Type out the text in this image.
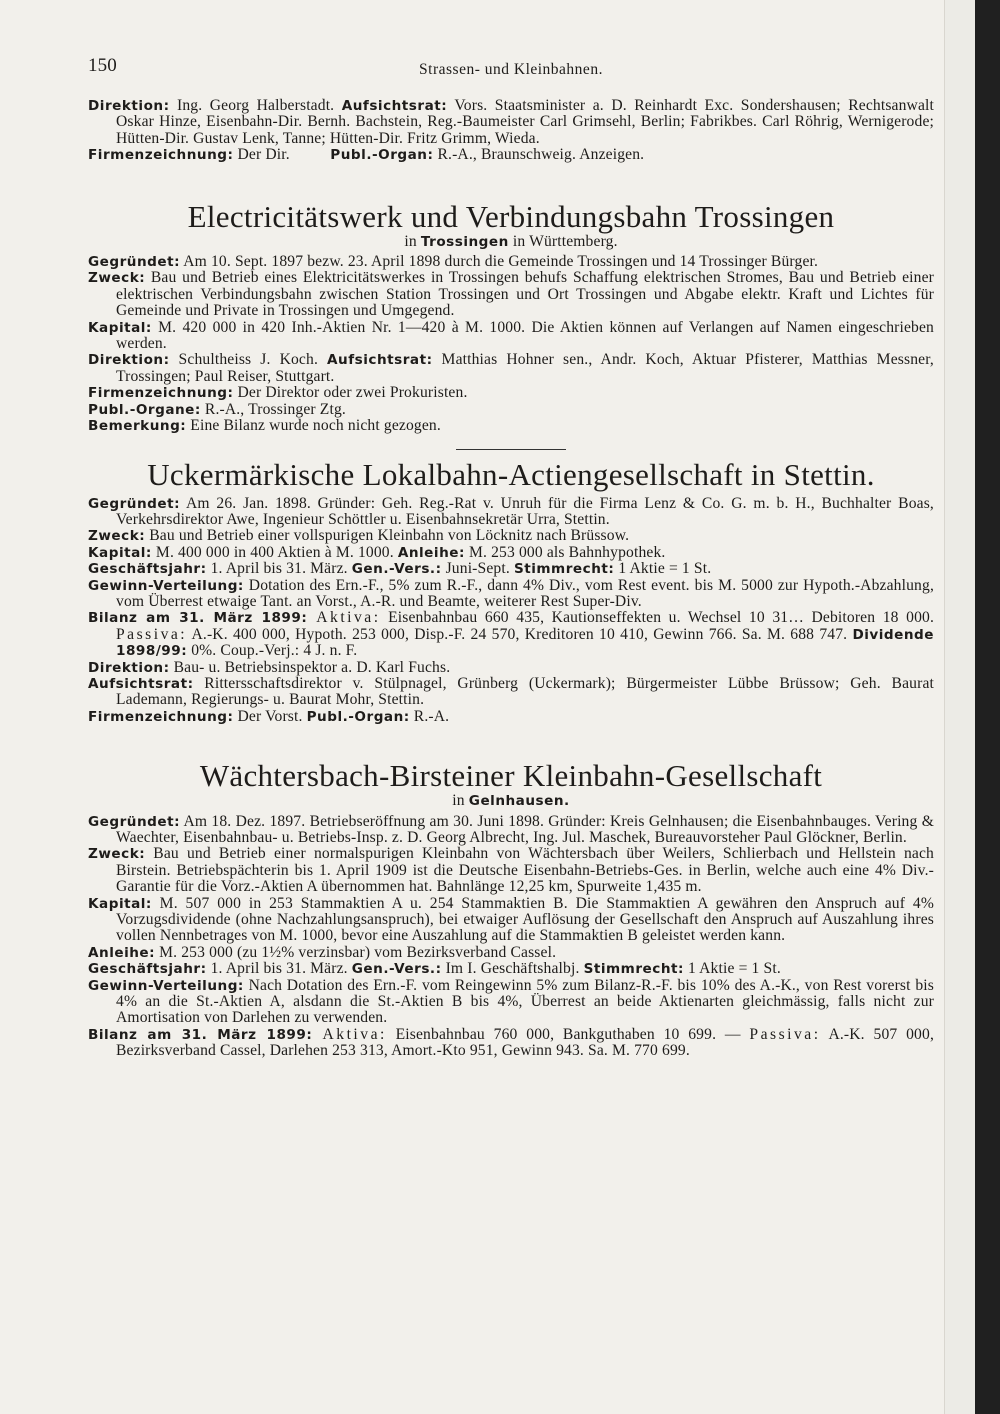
150	Strassen- und Kleinbahnen.

Direktion: Ing. Georg Halberstadt. Aufsichtsrat: Vors. Staatsminister a. D. Reinhardt Exc. Sondershausen; Rechtsanwalt Oskar Hinze, Eisenbahn-Dir. Bernh. Bachstein, Reg.-Baumeister Carl Grimsehl, Berlin; Fabrikbes. Carl Röhrig, Wernigerode; Hütten-Dir. Gustav Lenk, Tanne; Hütten-Dir. Fritz Grimm, Wieda.

Firmenzeichnung: Der Dir.          Publ.-Organ: R.-A., Braunschweig. Anzeigen.

Electricitätswerk und Verbindungsbahn Trossingen

in Trossingen in Württemberg.

Gegründet: Am 10. Sept. 1897 bezw. 23. April 1898 durch die Gemeinde Trossingen und 14 Trossinger Bürger.

Zweck: Bau und Betrieb eines Elektricitätswerkes in Trossingen behufs Schaffung elektrischen Stromes, Bau und Betrieb einer elektrischen Verbindungsbahn zwischen Station Trossingen und Ort Trossingen und Abgabe elektr. Kraft und Lichtes für Gemeinde und Private in Trossingen und Umgegend.

Kapital: M. 420 000 in 420 Inh.-Aktien Nr. 1—420 à M. 1000. Die Aktien können auf Verlangen auf Namen eingeschrieben werden.

Direktion: Schultheiss J. Koch. Aufsichtsrat: Matthias Hohner sen., Andr. Koch, Aktuar Pfisterer, Matthias Messner, Trossingen; Paul Reiser, Stuttgart.

Firmenzeichnung: Der Direktor oder zwei Prokuristen.

Publ.-Organe: R.-A., Trossinger Ztg.

Bemerkung: Eine Bilanz wurde noch nicht gezogen.

Uckermärkische Lokalbahn-Actiengesellschaft in Stettin.

Gegründet: Am 26. Jan. 1898. Gründer: Geh. Reg.-Rat v. Unruh für die Firma Lenz & Co. G. m. b. H., Buchhalter Boas, Verkehrsdirektor Awe, Ingenieur Schöttler u. Eisenbahnsekretär Urra, Stettin.

Zweck: Bau und Betrieb einer vollspurigen Kleinbahn von Löcknitz nach Brüssow.

Kapital: M. 400 000 in 400 Aktien à M. 1000. Anleihe: M. 253 000 als Bahnhypothek.

Geschäftsjahr: 1. April bis 31. März. Gen.-Vers.: Juni-Sept. Stimmrecht: 1 Aktie = 1 St.

Gewinn-Verteilung: Dotation des Ern.-F., 5% zum R.-F., dann 4% Div., vom Rest event. bis M. 5000 zur Hypoth.-Abzahlung, vom Überrest etwaige Tant. an Vorst., A.-R. und Beamte, weiterer Rest Super-Div.

Bilanz am 31. März 1899: Aktiva: Eisenbahnbau 660 435, Kautionseffekten u. Wechsel 10 31… Debitoren 18 000. Passiva: A.-K. 400 000, Hypoth. 253 000, Disp.-F. 24 570, Kreditoren 10 410, Gewinn 766. Sa. M. 688 747. Dividende 1898/99: 0%. Coup.-Verj.: 4 J. n. F.

Direktion: Bau- u. Betriebsinspektor a. D. Karl Fuchs.

Aufsichtsrat: Rittersschaftsdirektor v. Stülpnagel, Grünberg (Uckermark); Bürgermeister Lübbe Brüssow; Geh. Baurat Lademann, Regierungs- u. Baurat Mohr, Stettin.

Firmenzeichnung: Der Vorst. Publ.-Organ: R.-A.

Wächtersbach-Birsteiner Kleinbahn-Gesellschaft

in Gelnhausen.

Gegründet: Am 18. Dez. 1897. Betriebseröffnung am 30. Juni 1898. Gründer: Kreis Gelnhausen; die Eisenbahnbauges. Vering & Waechter, Eisenbahnbau- u. Betriebs-Insp. z. D. Georg Albrecht, Ing. Jul. Maschek, Bureauvorsteher Paul Glöckner, Berlin.

Zweck: Bau und Betrieb einer normalspurigen Kleinbahn von Wächtersbach über Weilers, Schlierbach und Hellstein nach Birstein. Betriebspächterin bis 1. April 1909 ist die Deutsche Eisenbahn-Betriebs-Ges. in Berlin, welche auch eine 4% Div.-Garantie für die Vorz.-Aktien A übernommen hat. Bahnlänge 12,25 km, Spurweite 1,435 m.

Kapital: M. 507 000 in 253 Stammaktien A u. 254 Stammaktien B. Die Stammaktien A gewähren den Anspruch auf 4% Vorzugsdividende (ohne Nachzahlungsanspruch), bei etwaiger Auflösung der Gesellschaft den Anspruch auf Auszahlung ihres vollen Nennbetrages von M. 1000, bevor eine Auszahlung auf die Stammaktien B geleistet werden kann.

Anleihe: M. 253 000 (zu 1½% verzinsbar) vom Bezirksverband Cassel.

Geschäftsjahr: 1. April bis 31. März. Gen.-Vers.: Im I. Geschäftshalbj. Stimmrecht: 1 Aktie = 1 St.

Gewinn-Verteilung: Nach Dotation des Ern.-F. vom Reingewinn 5% zum Bilanz-R.-F. bis 10% des A.-K., von Rest vorerst bis 4% an die St.-Aktien A, alsdann die St.-Aktien B bis 4%, Überrest an beide Aktienarten gleichmässig, falls nicht zur Amortisation von Darlehen zu verwenden.

Bilanz am 31. März 1899: Aktiva: Eisenbahnbau 760 000, Bankguthaben 10 699. — Passiva: A.-K. 507 000, Bezirksverband Cassel, Darlehen 253 313, Amort.-Kto 951, Gewinn 943. Sa. M. 770 699.
